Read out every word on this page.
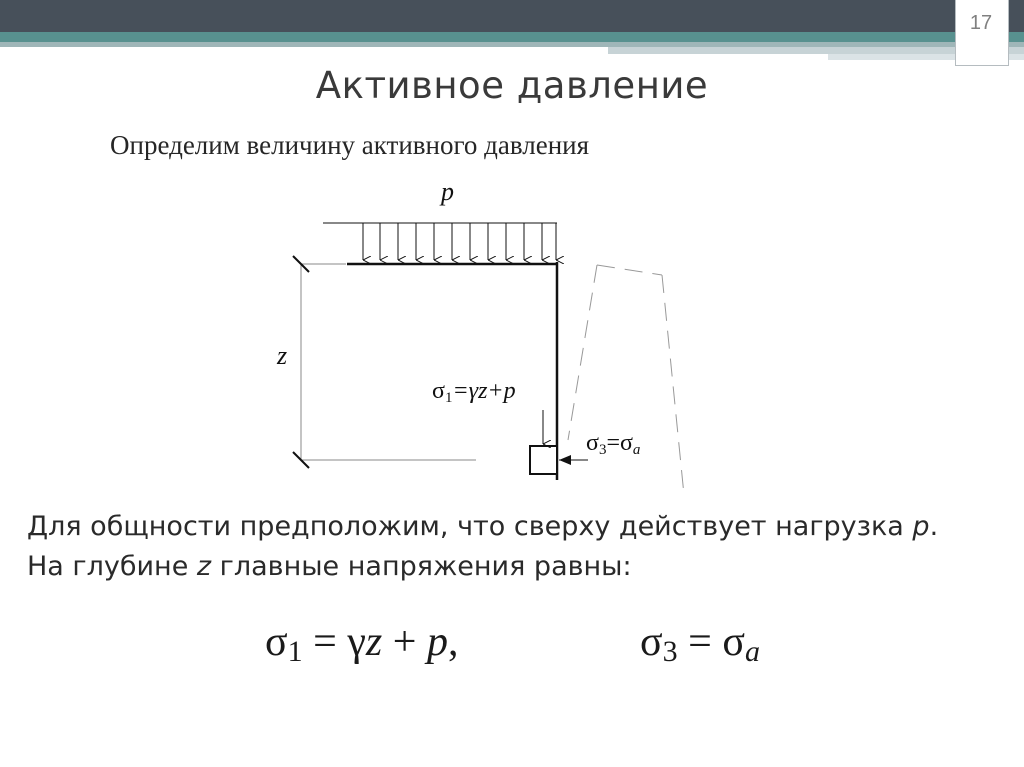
17
Активное давление
Определим величину активного давления
p
z
σ1=γz+p
σ3=σa
Для общности предположим, что сверху действует нагрузка p.
На глубине z главные напряжения равны:
$\sigma_1 = \gamma z + p$,	$\sigma_3 = \sigma_a$
